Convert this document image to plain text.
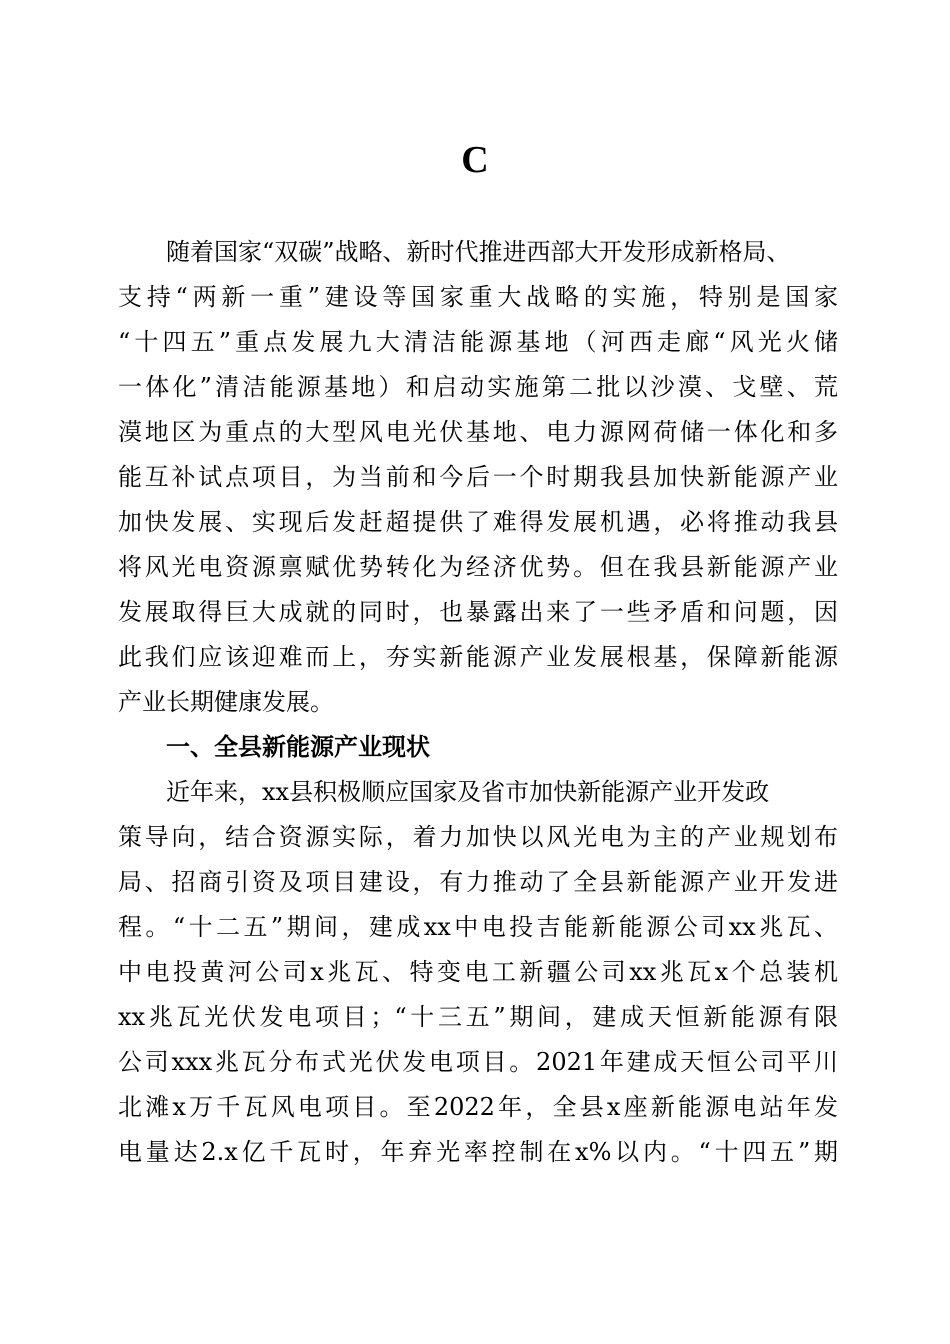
C
随着国家“双碳”战略、新时代推进西部大开发形成新格局、
支持“两新一重”建设等国家重大战略的实施，特别是国家
“十四五”重点发展九大清洁能源基地（河西走廊“风光火储
一体化”清洁能源基地）和启动实施第二批以沙漠、戈壁、荒
漠地区为重点的大型风电光伏基地、电力源网荷储一体化和多
能互补试点项目，为当前和今后一个时期我县加快新能源产业
加快发展、实现后发赶超提供了难得发展机遇，必将推动我县
将风光电资源禀赋优势转化为经济优势。但在我县新能源产业
发展取得巨大成就的同时，也暴露出来了一些矛盾和问题，因
此我们应该迎难而上，夯实新能源产业发展根基，保障新能源
产业长期健康发展。
一、全县新能源产业现状
近年来，xx县积极顺应国家及省市加快新能源产业开发政
策导向，结合资源实际，着力加快以风光电为主的产业规划布
局、招商引资及项目建设，有力推动了全县新能源产业开发进
程。“十二五”期间，建成xx中电投吉能新能源公司xx兆瓦、
中电投黄河公司x兆瓦、特变电工新疆公司xx兆瓦x个总装机
xx兆瓦光伏发电项目；“十三五”期间，建成天恒新能源有限
公司xxx兆瓦分布式光伏发电项目。2021年建成天恒公司平川
北滩x万千瓦风电项目。至2022年，全县x座新能源电站年发
电量达2.x亿千瓦时，年弃光率控制在x%以内。“十四五”期
